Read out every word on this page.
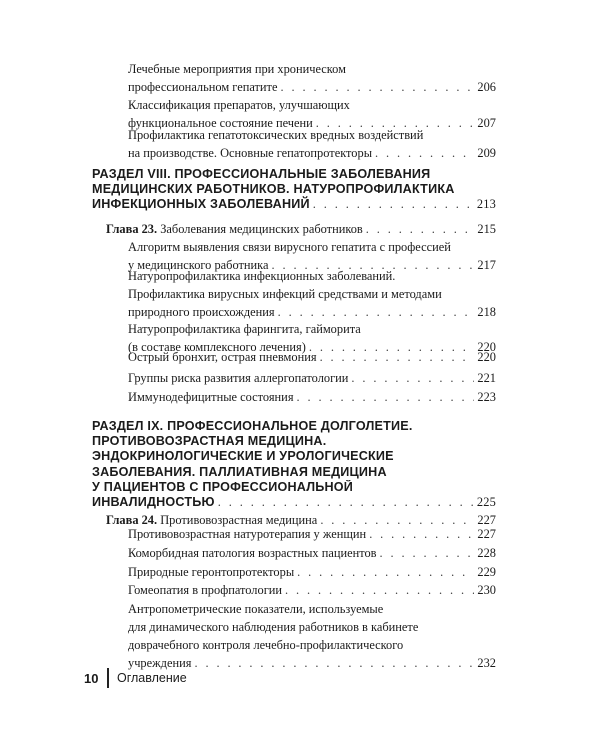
Лечебные мероприятия при хроническом
профессиональном гепатите . . .	206
Классификация препаратов, улучшающих
функциональное состояние печени . . .	207
Профилактика гепатотоксических вредных воздействий
на производстве. Основные гепатопротекторы . . .	209
РАЗДЕЛ VIII. ПРОФЕССИОНАЛЬНЫЕ ЗАБОЛЕВАНИЯ
МЕДИЦИНСКИХ РАБОТНИКОВ. НАТУРОПРОФИЛАКТИКА
ИНФЕКЦИОННЫХ ЗАБОЛЕВАНИЙ . . .	213
Глава 23. Заболевания медицинских работников . . .	215
Алгоритм выявления связи вирусного гепатита с профессией
у медицинского работника . . .	217
Натуропрофилактика инфекционных заболеваний.
Профилактика вирусных инфекций средствами и методами
природного происхождения . . .	218
Натуропрофилактика фарингита, гайморита
(в составе комплексного лечения) . . .	220
Острый бронхит, острая пневмония . . .	220
Группы риска развития аллергопатологии . . .	221
Иммунодефицитные состояния . . .	223
РАЗДЕЛ IX. ПРОФЕССИОНАЛЬНОЕ ДОЛГОЛЕТИЕ.
ПРОТИВОВОЗРАСТНАЯ МЕДИЦИНА.
ЭНДОКРИНОЛОГИЧЕСКИЕ И УРОЛОГИЧЕСКИЕ
ЗАБОЛЕВАНИЯ. ПАЛЛИАТИВНАЯ МЕДИЦИНА
У ПАЦИЕНТОВ С ПРОФЕССИОНАЛЬНОЙ
ИНВАЛИДНОСТЬЮ . . .	225
Глава 24. Противовозрастная медицина . . .	227
Противовозрастная натуротерапия у женщин . . .	227
Коморбидная патология возрастных пациентов . . .	228
Природные геронтопротекторы . . .	229
Гомеопатия в профпатологии . . .	230
Антропометрические показатели, используемые
для динамического наблюдения работников в кабинете
доврачебного контроля лечебно-профилактического
учреждения . . .	232
10 Оглавление
